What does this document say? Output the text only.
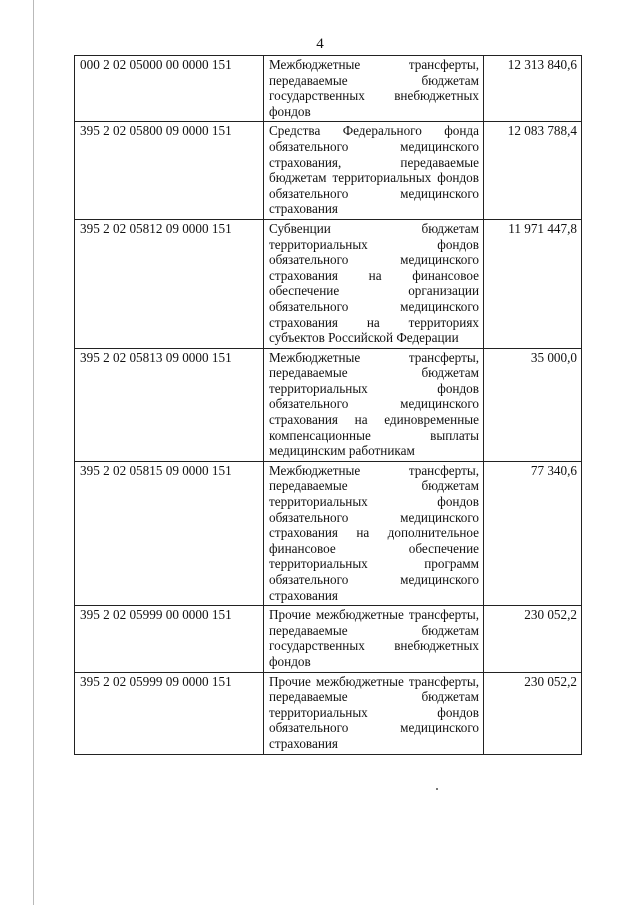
4
000 2 02 05000 00 0000 151	Межбюджетные трансферты, передаваемые бюджетам государственных внебюджетных фондов	12 313 840,6
395 2 02 05800 09 0000 151	Средства Федерального фонда обязательного медицинского страхования, передаваемые бюджетам территориальных фондов обязательного медицинского страхования	12 083 788,4
395 2 02 05812 09 0000 151	Субвенции бюджетам территориальных фондов обязательного медицинского страхования на финансовое обеспечение организации обязательного медицинского страхования на территориях субъектов Российской Федерации	11 971 447,8
395 2 02 05813 09 0000 151	Межбюджетные трансферты, передаваемые бюджетам территориальных фондов обязательного медицинского страхования на единовременные компенсационные выплаты медицинским работникам	35 000,0
395 2 02 05815 09 0000 151	Межбюджетные трансферты, передаваемые бюджетам территориальных фондов обязательного медицинского страхования на дополнительное финансовое обеспечение территориальных программ обязательного медицинского страхования	77 340,6
395 2 02 05999 00 0000 151	Прочие межбюджетные трансферты, передаваемые бюджетам государственных внебюджетных фондов	230 052,2
395 2 02 05999 09 0000 151	Прочие межбюджетные трансферты, передаваемые бюджетам территориальных фондов обязательного медицинского страхования	230 052,2
